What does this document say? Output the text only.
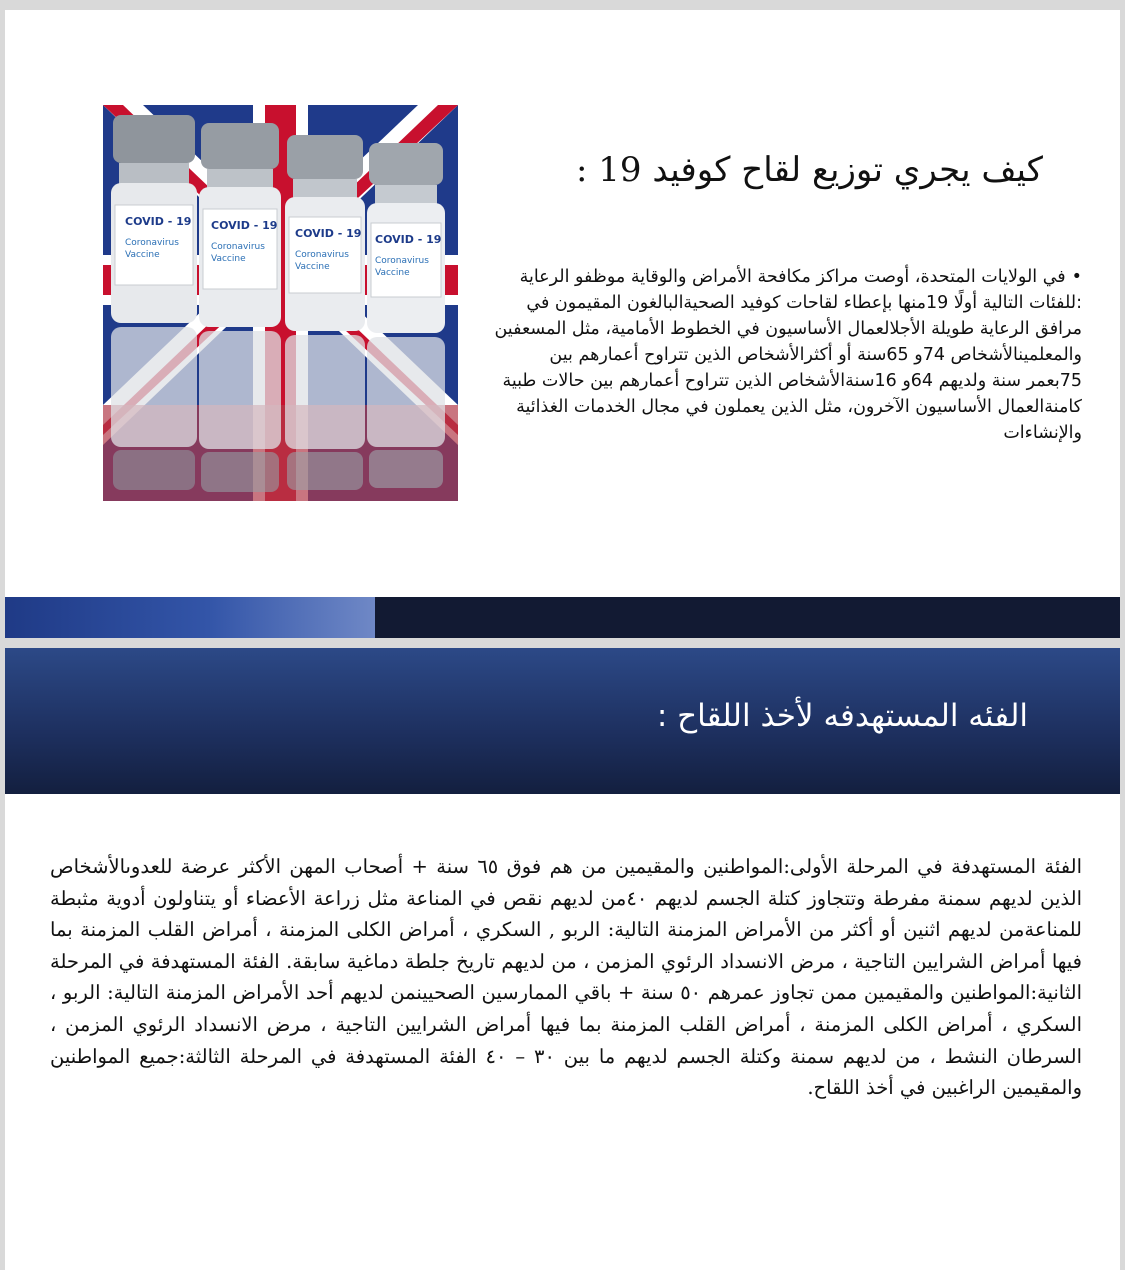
COVID - 19
Coronavirus
Vaccine
COVID - 19
Coronavirus
Vaccine
COVID - 19
Coronavirus
Vaccine
COVID - 19
Coronavirus
Vaccine
كيف يجري توزيع لقاح كوفيد 19 :

•في الولايات المتحدة، أوصت مراكز مكافحة الأمراض والوقاية موظفو الرعاية :للفئات التالية أولًا 19منها بإعطاء لقاحات كوفيد الصحيةالبالغون المقيمون في مرافق الرعاية طويلة الأجلالعمال الأساسيون في الخطوط الأمامية، مثل المسعفين والمعلمينالأشخاص 74و 65سنة أو أكثرالأشخاص الذين تتراوح أعمارهم بين 75بعمر سنة ولديهم 64و 16سنةالأشخاص الذين تتراوح أعمارهم بين حالات طبية كامنةالعمال الأساسيون الآخرون، مثل الذين يعملون في مجال الخدمات الغذائية والإنشاءات

الفئه المستهدفه لأخذ اللقاح :

الفئة المستهدفة في المرحلة الأولى:المواطنين والمقيمين من هم فوق ٦٥ سنة + أصحاب المهن الأكثر عرضة للعدوىالأشخاص الذين لديهم سمنة مفرطة وتتجاوز كتلة الجسم لديهم ٤٠من لديهم نقص في المناعة مثل زراعة الأعضاء أو يتناولون أدوية مثبطة للمناعةمن لديهم اثنين أو أكثر من الأمراض المزمنة التالية: الربو , السكري ، أمراض الكلى المزمنة ، أمراض القلب المزمنة بما فيها أمراض الشرايين التاجية ، مرض الانسداد الرئوي المزمن ، من لديهم تاريخ جلطة دماغية سابقة. الفئة المستهدفة في المرحلة الثانية:المواطنين والمقيمين ممن تجاوز عمرهم ٥٠ سنة + باقي الممارسين الصحيينمن لديهم أحد الأمراض المزمنة التالية: الربو ، السكري ، أمراض الكلى المزمنة ، أمراض القلب المزمنة بما فيها أمراض الشرايين التاجية ، مرض الانسداد الرئوي المزمن ، السرطان النشط ، من لديهم سمنة وكتلة الجسم لديهم ما بين ٣٠ – ٤٠ الفئة المستهدفة في المرحلة الثالثة:جميع المواطنين والمقيمين الراغبين في أخذ اللقاح.
